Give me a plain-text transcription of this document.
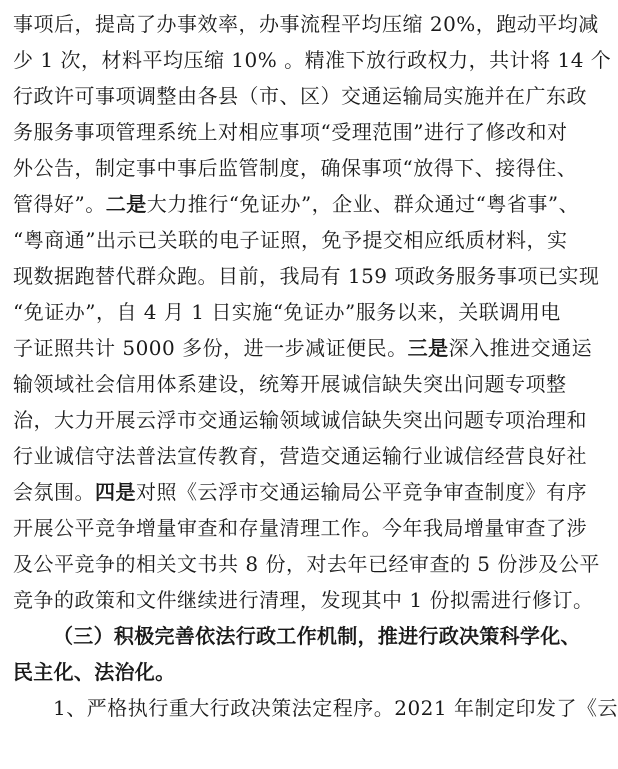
事项后，提高了办事效率，办事流程平均压缩 20%，跑动平均减
少 1 次，材料平均压缩 10% 。精准下放行政权力，共计将 14 个
行政许可事项调整由各县（市、区）交通运输局实施并在广东政
务服务事项管理系统上对相应事项“受理范围”进行了修改和对
外公告，制定事中事后监管制度，确保事项“放得下、接得住、
管得好”。二是大力推行“免证办”，企业、群众通过“粤省事”、
“粤商通”出示已关联的电子证照，免予提交相应纸质材料，实
现数据跑替代群众跑。目前，我局有 159 项政务服务事项已实现
“免证办”，自 4 月 1 日实施“免证办”服务以来，关联调用电
子证照共计 5000 多份，进一步减证便民。三是深入推进交通运
输领域社会信用体系建设，统筹开展诚信缺失突出问题专项整
治，大力开展云浮市交通运输领域诚信缺失突出问题专项治理和
行业诚信守法普法宣传教育，营造交通运输行业诚信经营良好社
会氛围。四是对照《云浮市交通运输局公平竞争审查制度》有序
开展公平竞争增量审查和存量清理工作。今年我局增量审查了涉
及公平竞争的相关文书共 8 份，对去年已经审查的 5 份涉及公平
竞争的政策和文件继续进行清理，发现其中 1 份拟需进行修订。
（三）积极完善依法行政工作机制，推进行政决策科学化、
民主化、法治化。
1、严格执行重大行政决策法定程序。2021 年制定印发了《云
